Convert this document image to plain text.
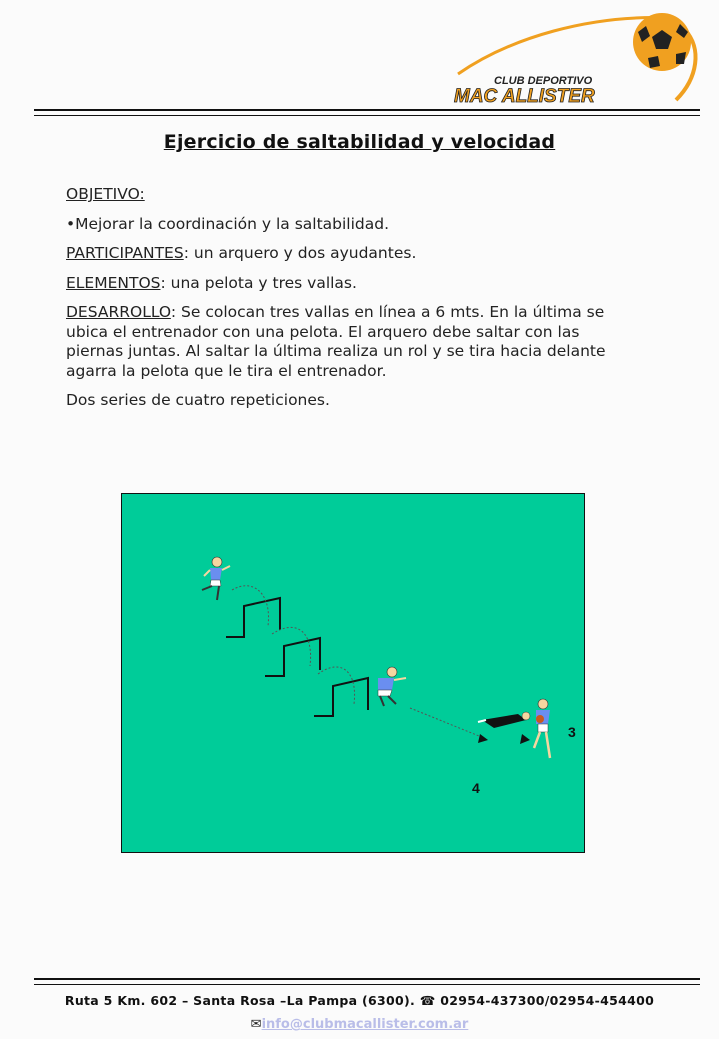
CLUB DEPORTIVO
MAC ALLISTER
Ejercicio de saltabilidad y velocidad

OBJETIVO:

•Mejorar la coordinación y la saltabilidad.

PARTICIPANTES: un arquero y dos ayudantes.

ELEMENTOS: una pelota y tres vallas.

DESARROLLO: Se colocan tres vallas en línea a 6 mts. En la última se ubica el entrenador con una pelota. El arquero debe saltar con las piernas juntas. Al saltar la última realiza un rol y se tira hacia delante agarra la pelota que le tira el entrenador.

Dos series de cuatro repeticiones.

3
4
Ruta 5 Km. 602 – Santa Rosa –La Pampa (6300). ☎ 02954-437300/02954-454400
✉info@clubmacallister.com.ar
